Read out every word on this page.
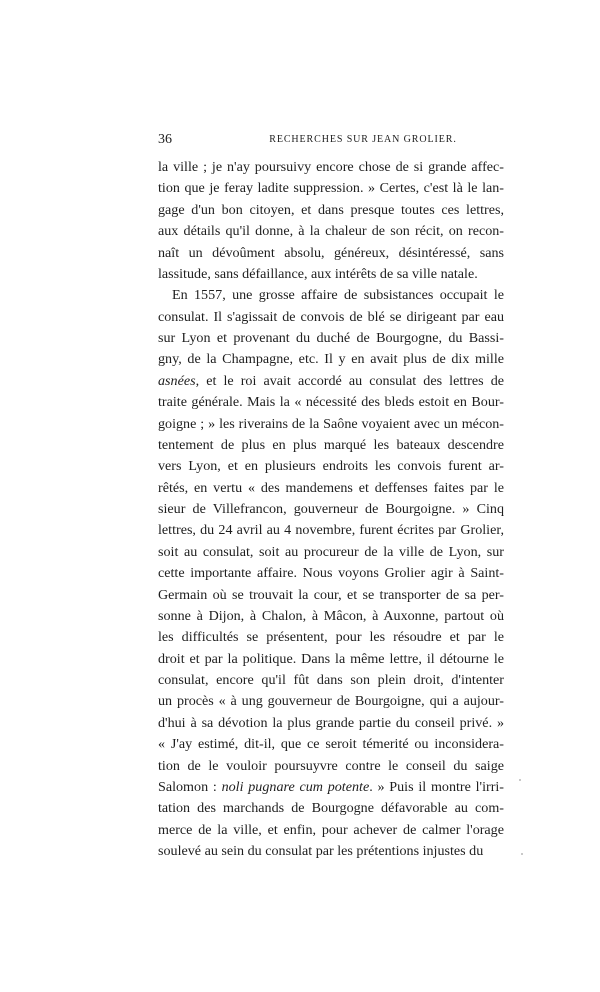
36	RECHERCHES SUR JEAN GROLIER.
la ville ; je n'ay poursuivy encore chose de si grande affec-
tion que je feray ladite suppression. » Certes, c'est là le lan-
gage d'un bon citoyen, et dans presque toutes ces lettres,
aux détails qu'il donne, à la chaleur de son récit, on recon-
naît un dévoûment absolu, généreux, désintéressé, sans
lassitude, sans défaillance, aux intérêts de sa ville natale.
En 1557, une grosse affaire de subsistances occupait le
consulat. Il s'agissait de convois de blé se dirigeant par eau
sur Lyon et provenant du duché de Bourgogne, du Bassi-
gny, de la Champagne, etc. Il y en avait plus de dix mille
asnées, et le roi avait accordé au consulat des lettres de
traite générale. Mais la « nécessité des bleds estoit en Bour-
goigne ; » les riverains de la Saône voyaient avec un mécon-
tentement de plus en plus marqué les bateaux descendre
vers Lyon, et en plusieurs endroits les convois furent ar-
rêtés, en vertu « des mandemens et deffenses faites par le
sieur de Villefrancon, gouverneur de Bourgoigne. » Cinq
lettres, du 24 avril au 4 novembre, furent écrites par Grolier,
soit au consulat, soit au procureur de la ville de Lyon, sur
cette importante affaire. Nous voyons Grolier agir à Saint-
Germain où se trouvait la cour, et se transporter de sa per-
sonne à Dijon, à Chalon, à Mâcon, à Auxonne, partout où
les difficultés se présentent, pour les résoudre et par le
droit et par la politique. Dans la même lettre, il détourne le
consulat, encore qu'il fût dans son plein droit, d'intenter
un procès « à ung gouverneur de Bourgoigne, qui a aujour-
d'hui à sa dévotion la plus grande partie du conseil privé. »
« J'ay estimé, dit-il, que ce seroit témerité ou inconsidera-
tion de le vouloir poursuyvre contre le conseil du saige
Salomon : noli pugnare cum potente. » Puis il montre l'irri-
tation des marchands de Bourgogne défavorable au com-
merce de la ville, et enfin, pour achever de calmer l'orage
soulevé au sein du consulat par les prétentions injustes du
